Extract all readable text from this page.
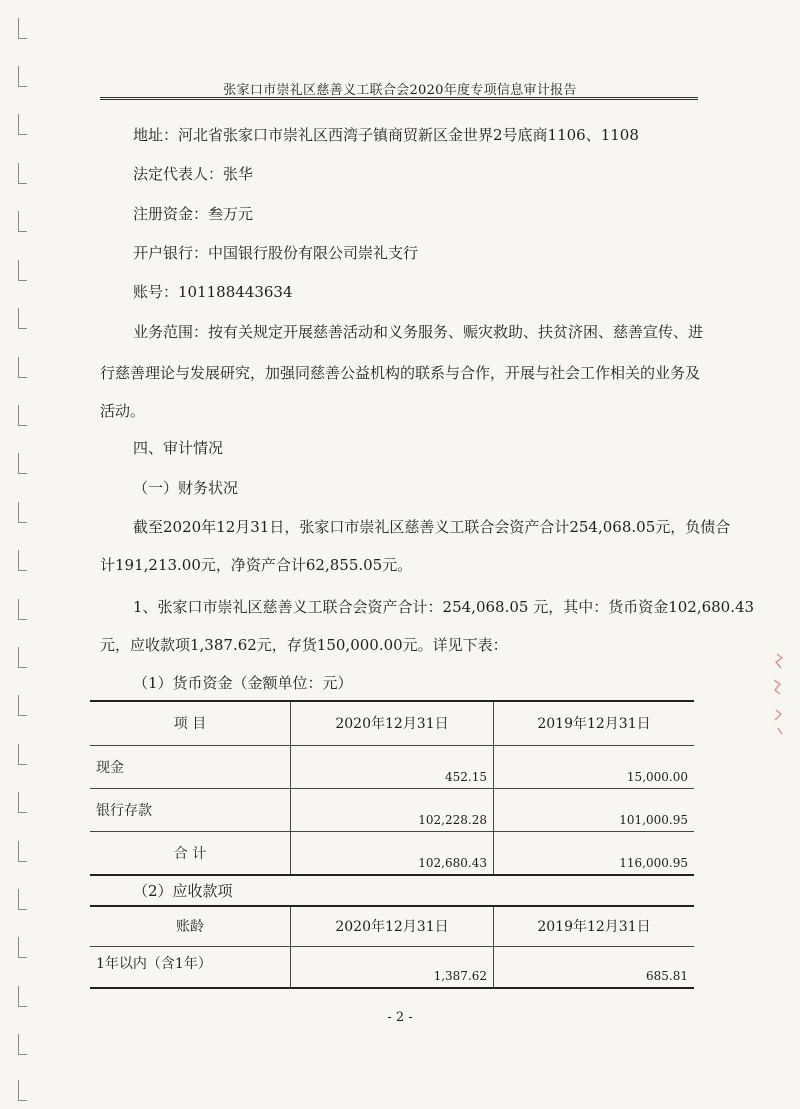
张家口市崇礼区慈善义工联合会2020年度专项信息审计报告
地址：河北省张家口市崇礼区西湾子镇商贸新区金世界2号底商1106、1108
法定代表人：张华
注册资金：叁万元
开户银行：中国银行股份有限公司崇礼支行
账号：101188443634
业务范围：按有关规定开展慈善活动和义务服务、赈灾救助、扶贫济困、慈善宣传、进
行慈善理论与发展研究，加强同慈善公益机构的联系与合作，开展与社会工作相关的业务及
活动。
四、审计情况
（一）财务状况
截至2020年12月31日，张家口市崇礼区慈善义工联合会资产合计254,068.05元，负债合
计191,213.00元，净资产合计62,855.05元。
1、张家口市崇礼区慈善义工联合会资产合计：254,068.05 元，其中：货币资金102,680.43
元，应收款项1,387.62元，存货150,000.00元。详见下表：
（1）货币资金（金额单位：元）
项 目	2020年12月31日	2019年12月31日
现金	452.15	15,000.00
银行存款	102,228.28	101,000.95
合 计	102,680.43	116,000.95
（2）应收款项
账龄	2020年12月31日	2019年12月31日
1年以内（含1年）	1,387.62	685.81
- 2 -
